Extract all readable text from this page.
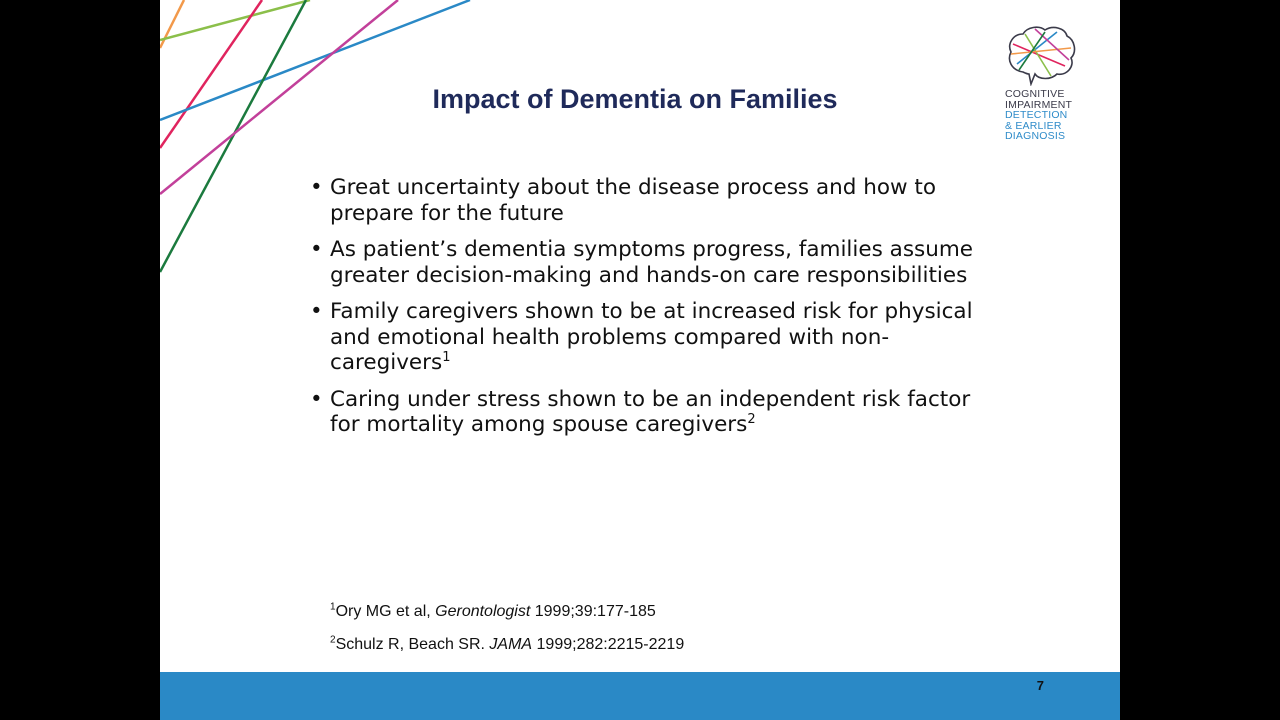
COGNITIVE
IMPAIRMENT
DETECTION
& EARLIER
DIAGNOSIS
Impact of Dementia on Families
• Great uncertainty about the disease process and how to prepare for the future
• As patient’s dementia symptoms progress, families assume greater decision-making and hands-on care responsibilities
• Family caregivers shown to be at increased risk for physical and emotional health problems compared with non-caregivers$^1$
• Caring under stress shown to be an independent risk factor for mortality among spouse caregivers$^2$
$^1$Ory MG et al, Gerontologist 1999;39:177-185
$^2$Schulz R, Beach SR. JAMA 1999;282:2215-2219
7
